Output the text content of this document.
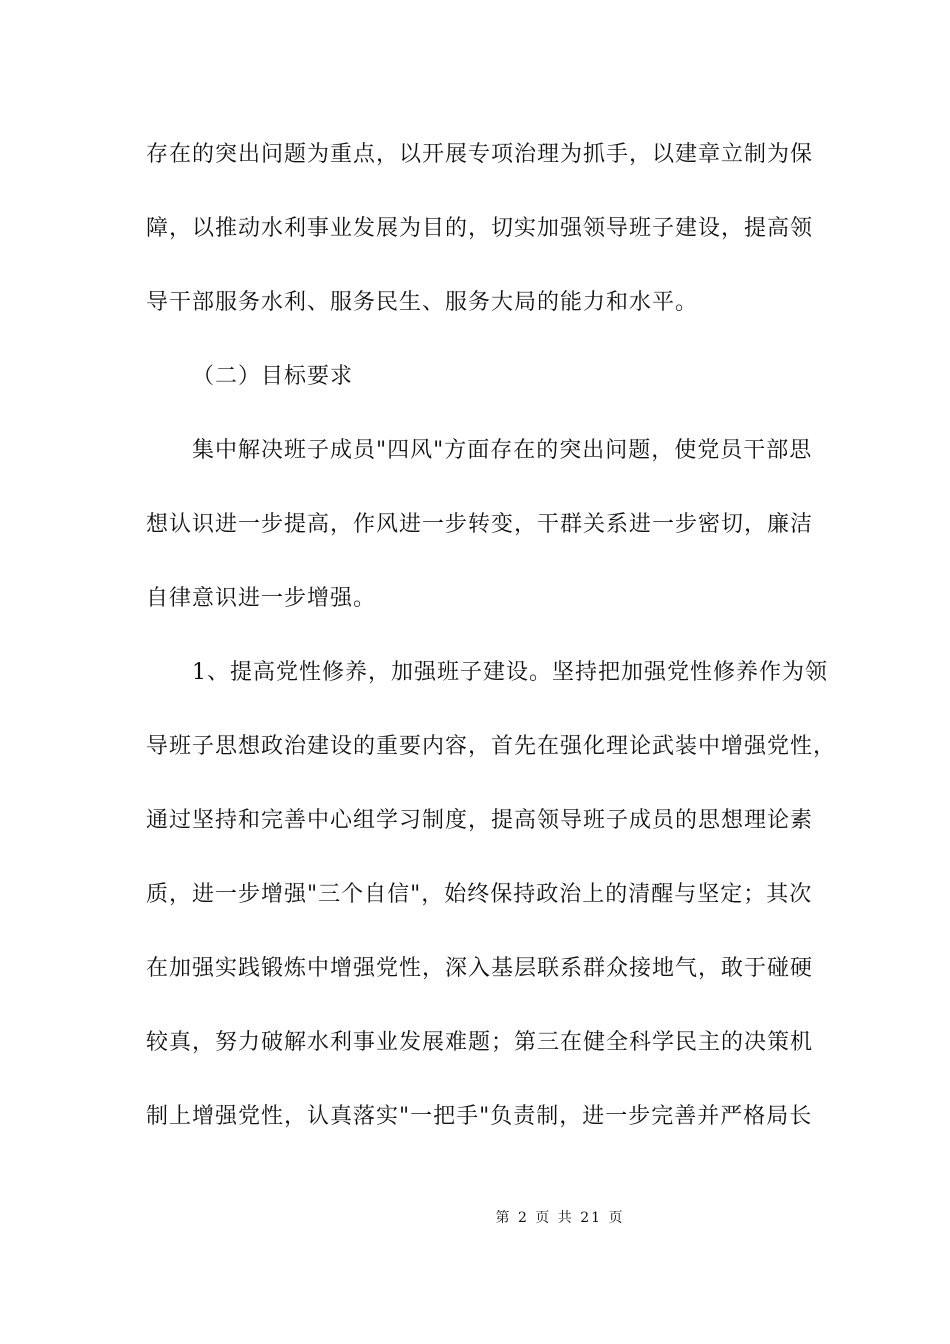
存在的突出问题为重点，以开展专项治理为抓手，以建章立制为保
障，以推动水利事业发展为目的，切实加强领导班子建设，提高领
导干部服务水利、服务民生、服务大局的能力和水平。
（二）目标要求
集中解决班子成员"四风"方面存在的突出问题，使党员干部思
想认识进一步提高，作风进一步转变，干群关系进一步密切，廉洁
自律意识进一步增强。
1、提高党性修养，加强班子建设。坚持把加强党性修养作为领
导班子思想政治建设的重要内容，首先在强化理论武装中增强党性，
通过坚持和完善中心组学习制度，提高领导班子成员的思想理论素
质，进一步增强"三个自信"，始终保持政治上的清醒与坚定；其次
在加强实践锻炼中增强党性，深入基层联系群众接地气，敢于碰硬
较真，努力破解水利事业发展难题；第三在健全科学民主的决策机
制上增强党性，认真落实"一把手"负责制，进一步完善并严格局长
第 2 页 共 21 页
